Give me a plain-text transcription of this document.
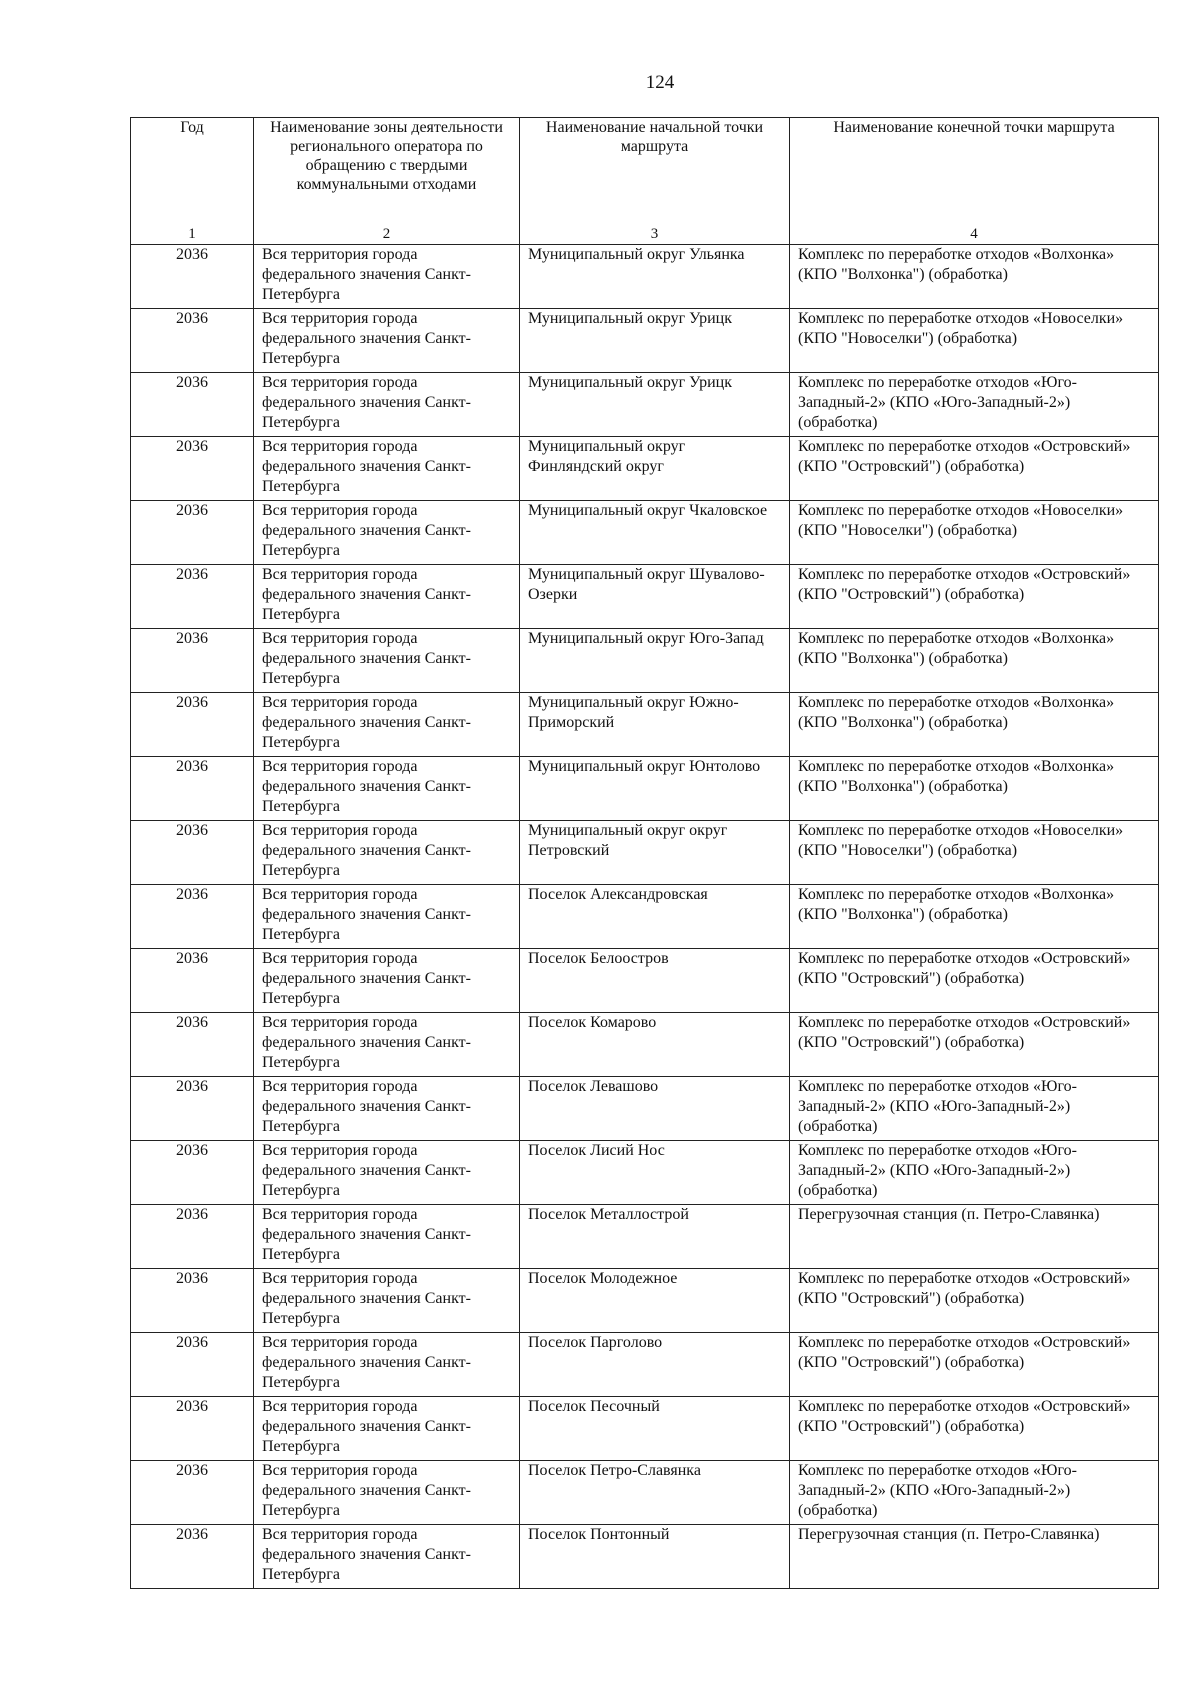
124
Год	Наименование зоны деятельности регионального оператора по обращению с твердыми коммунальными отходами	Наименование начальной точки маршрута	Наименование конечной точки маршрута
1	2	3	4
2036	Вся территория города федерального значения Санкт-Петербурга	Муниципальный округ Ульянка	Комплекс по переработке отходов «Волхонка» (КПО "Волхонка") (обработка)
2036	Вся территория города федерального значения Санкт-Петербурга	Муниципальный округ Урицк	Комплекс по переработке отходов «Новоселки» (КПО "Новоселки") (обработка)
2036	Вся территория города федерального значения Санкт-Петербурга	Муниципальный округ Урицк	Комплекс по переработке отходов «Юго-Западный-2» (КПО «Юго-Западный-2») (обработка)
2036	Вся территория города федерального значения Санкт-Петербурга	Муниципальный округ Финляндский округ	Комплекс по переработке отходов «Островский» (КПО "Островский") (обработка)
2036	Вся территория города федерального значения Санкт-Петербурга	Муниципальный округ Чкаловское	Комплекс по переработке отходов «Новоселки» (КПО "Новоселки") (обработка)
2036	Вся территория города федерального значения Санкт-Петербурга	Муниципальный округ Шувалово-Озерки	Комплекс по переработке отходов «Островский» (КПО "Островский") (обработка)
2036	Вся территория города федерального значения Санкт-Петербурга	Муниципальный округ Юго-Запад	Комплекс по переработке отходов «Волхонка» (КПО "Волхонка") (обработка)
2036	Вся территория города федерального значения Санкт-Петербурга	Муниципальный округ Южно-Приморский	Комплекс по переработке отходов «Волхонка» (КПО "Волхонка") (обработка)
2036	Вся территория города федерального значения Санкт-Петербурга	Муниципальный округ Юнтолово	Комплекс по переработке отходов «Волхонка» (КПО "Волхонка") (обработка)
2036	Вся территория города федерального значения Санкт-Петербурга	Муниципальный округ округ Петровский	Комплекс по переработке отходов «Новоселки» (КПО "Новоселки") (обработка)
2036	Вся территория города федерального значения Санкт-Петербурга	Поселок Александровская	Комплекс по переработке отходов «Волхонка» (КПО "Волхонка") (обработка)
2036	Вся территория города федерального значения Санкт-Петербурга	Поселок Белоостров	Комплекс по переработке отходов «Островский» (КПО "Островский") (обработка)
2036	Вся территория города федерального значения Санкт-Петербурга	Поселок Комарово	Комплекс по переработке отходов «Островский» (КПО "Островский") (обработка)
2036	Вся территория города федерального значения Санкт-Петербурга	Поселок Левашово	Комплекс по переработке отходов «Юго-Западный-2» (КПО «Юго-Западный-2») (обработка)
2036	Вся территория города федерального значения Санкт-Петербурга	Поселок Лисий Нос	Комплекс по переработке отходов «Юго-Западный-2» (КПО «Юго-Западный-2») (обработка)
2036	Вся территория города федерального значения Санкт-Петербурга	Поселок Металлострой	Перегрузочная станция (п. Петро-Славянка)
2036	Вся территория города федерального значения Санкт-Петербурга	Поселок Молодежное	Комплекс по переработке отходов «Островский» (КПО "Островский") (обработка)
2036	Вся территория города федерального значения Санкт-Петербурга	Поселок Парголово	Комплекс по переработке отходов «Островский» (КПО "Островский") (обработка)
2036	Вся территория города федерального значения Санкт-Петербурга	Поселок Песочный	Комплекс по переработке отходов «Островский» (КПО "Островский") (обработка)
2036	Вся территория города федерального значения Санкт-Петербурга	Поселок Петро-Славянка	Комплекс по переработке отходов «Юго-Западный-2» (КПО «Юго-Западный-2») (обработка)
2036	Вся территория города федерального значения Санкт-Петербурга	Поселок Понтонный	Перегрузочная станция (п. Петро-Славянка)
